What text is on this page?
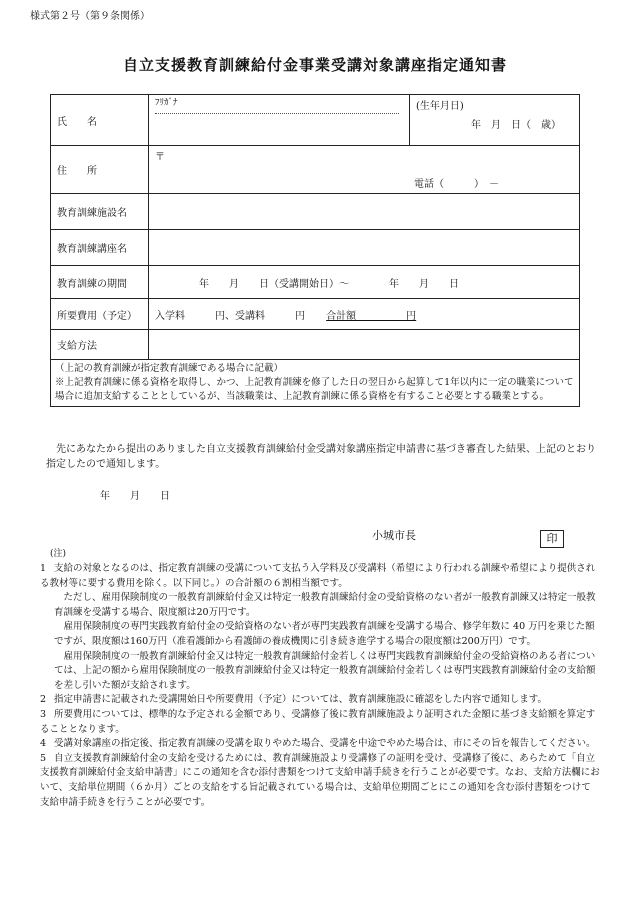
様式第２号（第９条関係）
自立支援教育訓練給付金事業受講対象講座指定通知書
氏　　名	ﾌﾘｶﾞﾅ	(生年月日)
年　月　日（　歳）

住　　所	〒
電話（　　　）　－	

教育訓練施設名		
教育訓練講座名		
教育訓練の期間	年　　月　　日（受講開始日）～　　　　年　　月　　日	
所要費用（予定）	入学料　　　円、受講料　　　円 合計額　　　　　円	
支給方法		

（上記の教育訓練が指定教育訓練である場合に記載）
※上記教育訓練に係る資格を取得し、かつ、上記教育訓練を修了した日の翌日から起算して1年以内に一定の職業について場合に追加支給することとしているが、当該職業は、上記教育訓練に係る資格を有すること必要とする職業とする。		
先にあなたから提出のありました自立支援教育訓練給付金受講対象講座指定申請書に基づき審査した結果、上記のとおり指定したので通知します。
年　　月　　日
小城市長	印
(注)
1 支給の対象となるのは、指定教育訓練の受講について支払う入学料及び受講料（希望により行われる訓練や希望により提供される教材等に要する費用を除く。以下同じ。）の合計額の６割相当額です。
　ただし、雇用保険制度の一般教育訓練給付金又は特定一般教育訓練給付金の受給資格のない者が一般教育訓練又は特定一般教育訓練を受講する場合、限度額は20万円です。
　雇用保険制度の専門実践教育給付金の受給資格のない者が専門実践教育訓練を受講する場合、修学年数に 40 万円を乗じた額ですが、限度額は160万円（准看護師から看護師の養成機関に引き続き進学する場合の限度額は200万円）です。
　雇用保険制度の一般教育訓練給付金又は特定一般教育訓練給付金若しくは専門実践教育訓練給付金の受給資格のある者については、上記の額から雇用保険制度の一般教育訓練給付金又は特定一般教育訓練給付金若しくは専門実践教育訓練給付金の支給額を差し引いた額が支給されます。
2 指定申請書に記載された受講開始日や所要費用（予定）については、教育訓練施設に確認をした内容で通知します。
3 所要費用については、標準的な予定される金額であり、受講修了後に教育訓練施設より証明された金額に基づき支給額を算定することとなります。
4 受講対象講座の指定後、指定教育訓練の受講を取りやめた場合、受講を中途でやめた場合は、市にその旨を報告してください。
5 自立支援教育訓練給付金の支給を受けるためには、教育訓練施設より受講修了の証明を受け、受講修了後に、あらためて「自立支援教育訓練給付金支給申請書」にこの通知を含む添付書類をつけて支給申請手続きを行うことが必要です。なお、支給方法欄において、支給単位期間（６か月）ごとの支給をする旨記載されている場合は、支給単位期間ごとにこの通知を含む添付書類をつけて支給申請手続きを行うことが必要です。
